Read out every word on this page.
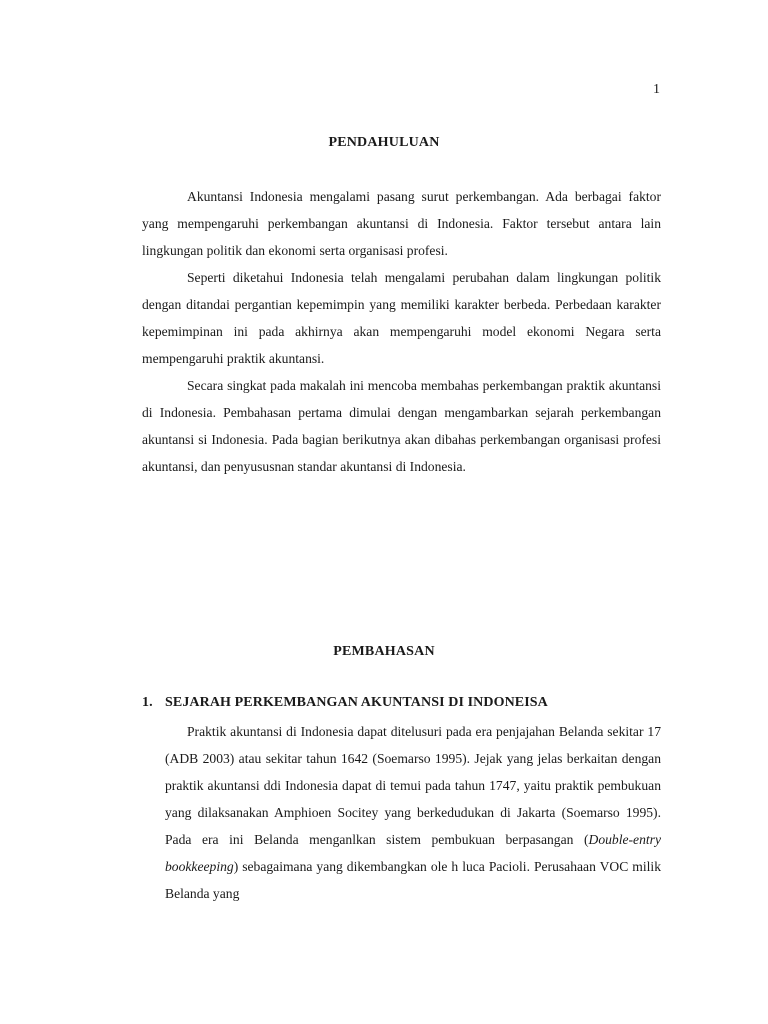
1
PENDAHULUAN

Akuntansi Indonesia mengalami pasang surut perkembangan. Ada berbagai faktor yang mempengaruhi perkembangan akuntansi di Indonesia. Faktor tersebut antara lain lingkungan politik dan ekonomi serta organisasi profesi.

Seperti diketahui Indonesia telah mengalami perubahan dalam lingkungan politik dengan ditandai pergantian kepemimpin yang memiliki karakter berbeda. Perbedaan karakter kepemimpinan ini pada akhirnya akan mempengaruhi model ekonomi Negara serta mempengaruhi praktik akuntansi.

Secara singkat pada makalah ini mencoba membahas perkembangan praktik akuntansi di Indonesia. Pembahasan pertama dimulai dengan mengambarkan sejarah perkembangan akuntansi si Indonesia. Pada bagian berikutnya akan dibahas perkembangan organisasi profesi akuntansi, dan penyususnan standar akuntansi di Indonesia.

PEMBAHASAN
1. SEJARAH PERKEMBANGAN AKUNTANSI DI INDONEISA

Praktik akuntansi di Indonesia dapat ditelusuri pada era penjajahan Belanda sekitar 17 (ADB 2003) atau sekitar tahun 1642 (Soemarso 1995). Jejak yang jelas berkaitan dengan praktik akuntansi ddi Indonesia dapat di temui pada tahun 1747, yaitu praktik pembukuan yang dilaksanakan Amphioen Socitey yang berkedudukan di Jakarta (Soemarso 1995). Pada era ini Belanda menganlkan sistem pembukuan berpasangan (Double-entry bookkeeping) sebagaimana yang dikembangkan ole h luca Pacioli. Perusahaan VOC milik Belanda yang
